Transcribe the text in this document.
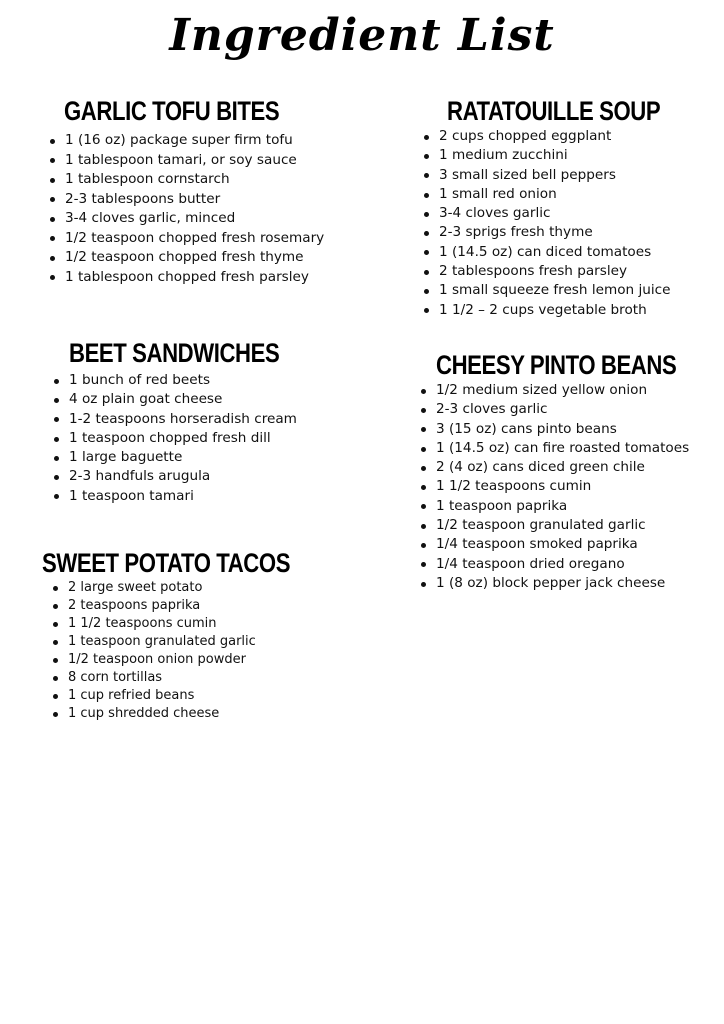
Ingredient List
GARLIC TOFU BITES
1 (16 oz) package super firm tofu
1 tablespoon tamari, or soy sauce
1 tablespoon cornstarch
2-3 tablespoons butter
3-4 cloves garlic, minced
1/2 teaspoon chopped fresh rosemary
1/2 teaspoon chopped fresh thyme
1 tablespoon chopped fresh parsley
RATATOUILLE SOUP
2 cups chopped eggplant
1 medium zucchini
3 small sized bell peppers
1 small red onion
3-4 cloves garlic
2-3 sprigs fresh thyme
1 (14.5 oz) can diced tomatoes
2 tablespoons fresh parsley
1 small squeeze fresh lemon juice
1 1/2 – 2 cups vegetable broth
BEET SANDWICHES
1 bunch of red beets
4 oz plain goat cheese
1-2 teaspoons horseradish cream
1 teaspoon chopped fresh dill
1 large baguette
2-3 handfuls arugula
1 teaspoon tamari
CHEESY PINTO BEANS
1/2 medium sized yellow onion
2-3 cloves garlic
3 (15 oz) cans pinto beans
1 (14.5 oz) can fire roasted tomatoes
2 (4 oz) cans diced green chile
1 1/2 teaspoons cumin
1 teaspoon paprika
1/2 teaspoon granulated garlic
1/4 teaspoon smoked paprika
1/4 teaspoon dried oregano
1 (8 oz) block pepper jack cheese
SWEET POTATO TACOS
2 large sweet potato
2 teaspoons paprika
1 1/2 teaspoons cumin
1 teaspoon granulated garlic
1/2 teaspoon onion powder
8 corn tortillas
1 cup refried beans
1 cup shredded cheese
